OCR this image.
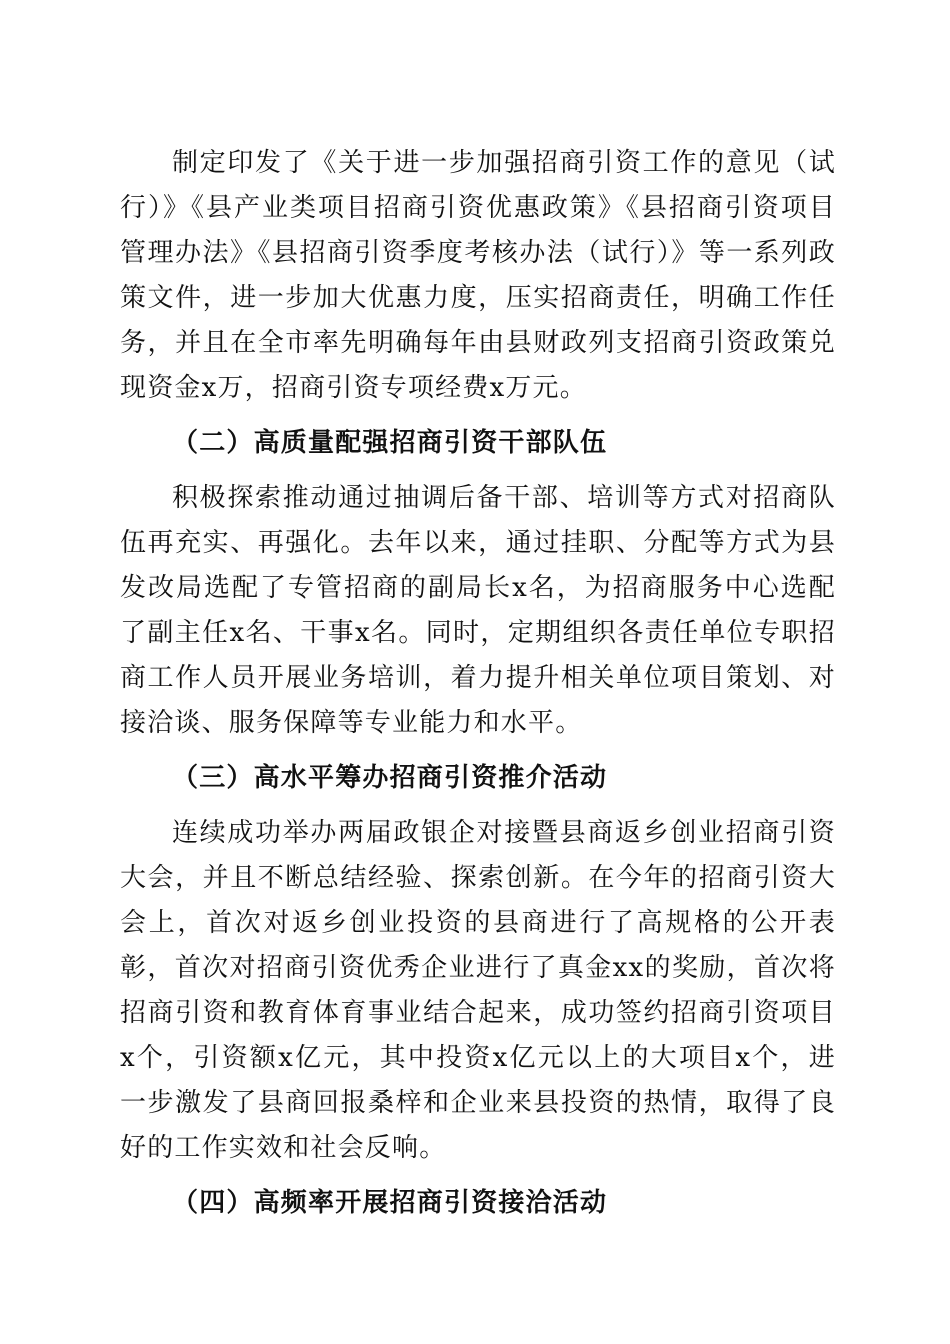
制定印发了《关于进一步加强招商引资工作的意见（试行）》《县产业类项目招商引资优惠政策》《县招商引资项目管理办法》《县招商引资季度考核办法（试行）》等一系列政策文件，进一步加大优惠力度，压实招商责任，明确工作任务，并且在全市率先明确每年由县财政列支招商引资政策兑现资金x万，招商引资专项经费x万元。

（二）高质量配强招商引资干部队伍

积极探索推动通过抽调后备干部、培训等方式对招商队伍再充实、再强化。去年以来，通过挂职、分配等方式为县发改局选配了专管招商的副局长x名，为招商服务中心选配了副主任x名、干事x名。同时，定期组织各责任单位专职招商工作人员开展业务培训，着力提升相关单位项目策划、对接洽谈、服务保障等专业能力和水平。

（三）高水平筹办招商引资推介活动

连续成功举办两届政银企对接暨县商返乡创业招商引资大会，并且不断总结经验、探索创新。在今年的招商引资大会上，首次对返乡创业投资的县商进行了高规格的公开表彰，首次对招商引资优秀企业进行了真金xx的奖励，首次将招商引资和教育体育事业结合起来，成功签约招商引资项目x个，引资额x亿元，其中投资x亿元以上的大项目x个，进一步激发了县商回报桑梓和企业来县投资的热情，取得了良好的工作实效和社会反响。

（四）高频率开展招商引资接洽活动
